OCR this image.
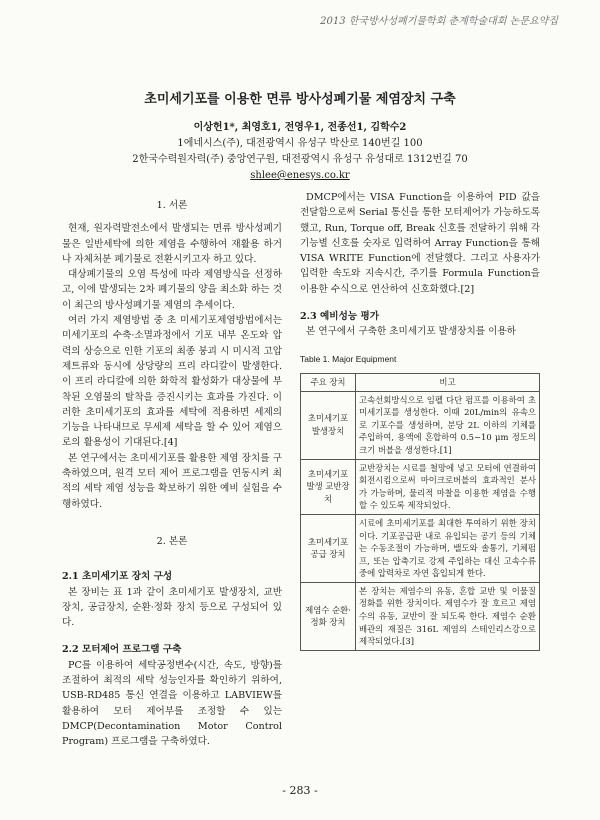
2013 한국방사성폐기물학회 춘계학술대회 논문요약집
초미세기포를 이용한 면류 방사성폐기물 제염장치 구축
이상헌1*, 최영호1, 전영우1, 전종선1, 김학수2
1에네시스(주), 대전광역시 유성구 박산로 140번길 100
2한국수력원자력(주) 중앙연구원, 대전광역시 유성구 유성대로 1312번길 70
shlee@enesys.co.kr

1. 서론

현재, 원자력발전소에서 발생되는 면류 방사성폐기물은 일반세탁에 의한 제염을 수행하여 재활용 하거나 자체처분 폐기물로 전환시키고자 하고 있다.

대상폐기물의 오염 특성에 따라 제염방식을 선정하고, 이에 발생되는 2차 폐기물의 양을 최소화 하는 것이 최근의 방사성폐기물 제염의 추세이다.

여러 가지 제염방법 중 초 미세기포제염방법에서는 미세기포의 수축·소멸과정에서 기포 내부 온도와 압력의 상승으로 인한 기포의 최종 붕괴 시 미시적 고압 제트류와 동시에 상당량의 프리 라디칼이 발생한다. 이 프리 라디칼에 의한 화학적 활성화가 대상물에 부착된 오염물의 탈착을 증진시키는 효과를 가진다. 이러한 초미세기포의 효과를 세탁에 적용하면 세제의 기능을 나타내므로 무세제 세탁을 할 수 있어 제염으로의 활용성이 기대된다.[4]

본 연구에서는 초미세기포를 활용한 제염 장치를 구축하였으며, 원격 모터 제어 프로그램을 연동시켜 최적의 세탁 제염 성능을 확보하기 위한 예비 실험을 수행하였다.

2. 본론

2.1 초미세기포 장치 구성

본 장비는 표 1과 같이 초미세기포 발생장치, 교반장치, 공급장치, 순환·정화 장치 등으로 구성되어 있다.

2.2 모터제어 프로그램 구축

PC를 이용하여 세탁공정변수(시간, 속도, 방향)를 조절하여 최적의 세탁 성능인자를 확인하기 위하여, USB-RD485 통신 연결을 이용하고 LABVIEW를 활용하여 모터 제어부를 조정할 수 있는 DMCP(Decontamination Motor Control Program) 프로그램을 구축하였다.

DMCP에서는 VISA Function을 이용하여 PID 값을 전달함으로써 Serial 통신을 통한 모터제어가 가능하도록 했고, Run, Torque off, Break 신호를 전달하기 위해 각 기능별 신호를 숫자로 입력하여 Array Function을 통해 VISA WRITE Function에 전달했다. 그리고 사용자가 입력한 속도와 지속시간, 주기를 Formula Function을 이용한 수식으로 연산하여 신호화했다.[2]

2.3 예비성능 평가

본 연구에서 구축한 초미세기포 발생장치를 이용하

Table 1. Major Equipment

주요 장치	비고
초미세기포 발생장치	고속선회방식으로 임펠 다단 펌프를 이용하여 초미세기포를 생성한다. 이때 20L/min의 유속으로 기포수를 생성하며, 분당 2L 이하의 기체를 주입하여, 용액에 혼합하여 0.5~10 μm 정도의 크기 버블을 생성한다.[1]
초미세기포 발생 교반장치	교반장치는 시료를 철망에 넣고 모터에 연결하여 회전시킴으로써 마이크로버블의 효과적인 분사가 가능하며, 물리적 마찰을 이용한 제염을 수행할 수 있도록 제작되었다.
초미세기포 공급 장치	시료에 초미세기포를 최대한 투여하기 위한 장치이다. 기포공급판 내로 유입되는 공기 등의 기체는 수동조절이 가능하며, 밸도와 솔통기, 기체펌프, 또는 압축기로 강제 주입하는 대신 고속수류 중에 압력차로 자연 흡입되게 한다.
제염수 순환·정화 장치	본 장치는 제염수의 유동, 혼합 교반 및 이물질 정화를 위한 장치이다. 제염수가 잘 호르고 제염수의 유동, 교반이 잘 되도록 한다. 제염수 순환배관의 재질은 316L 제염의 스테인리스강으로 제작되었다.[3]
- 283 -
